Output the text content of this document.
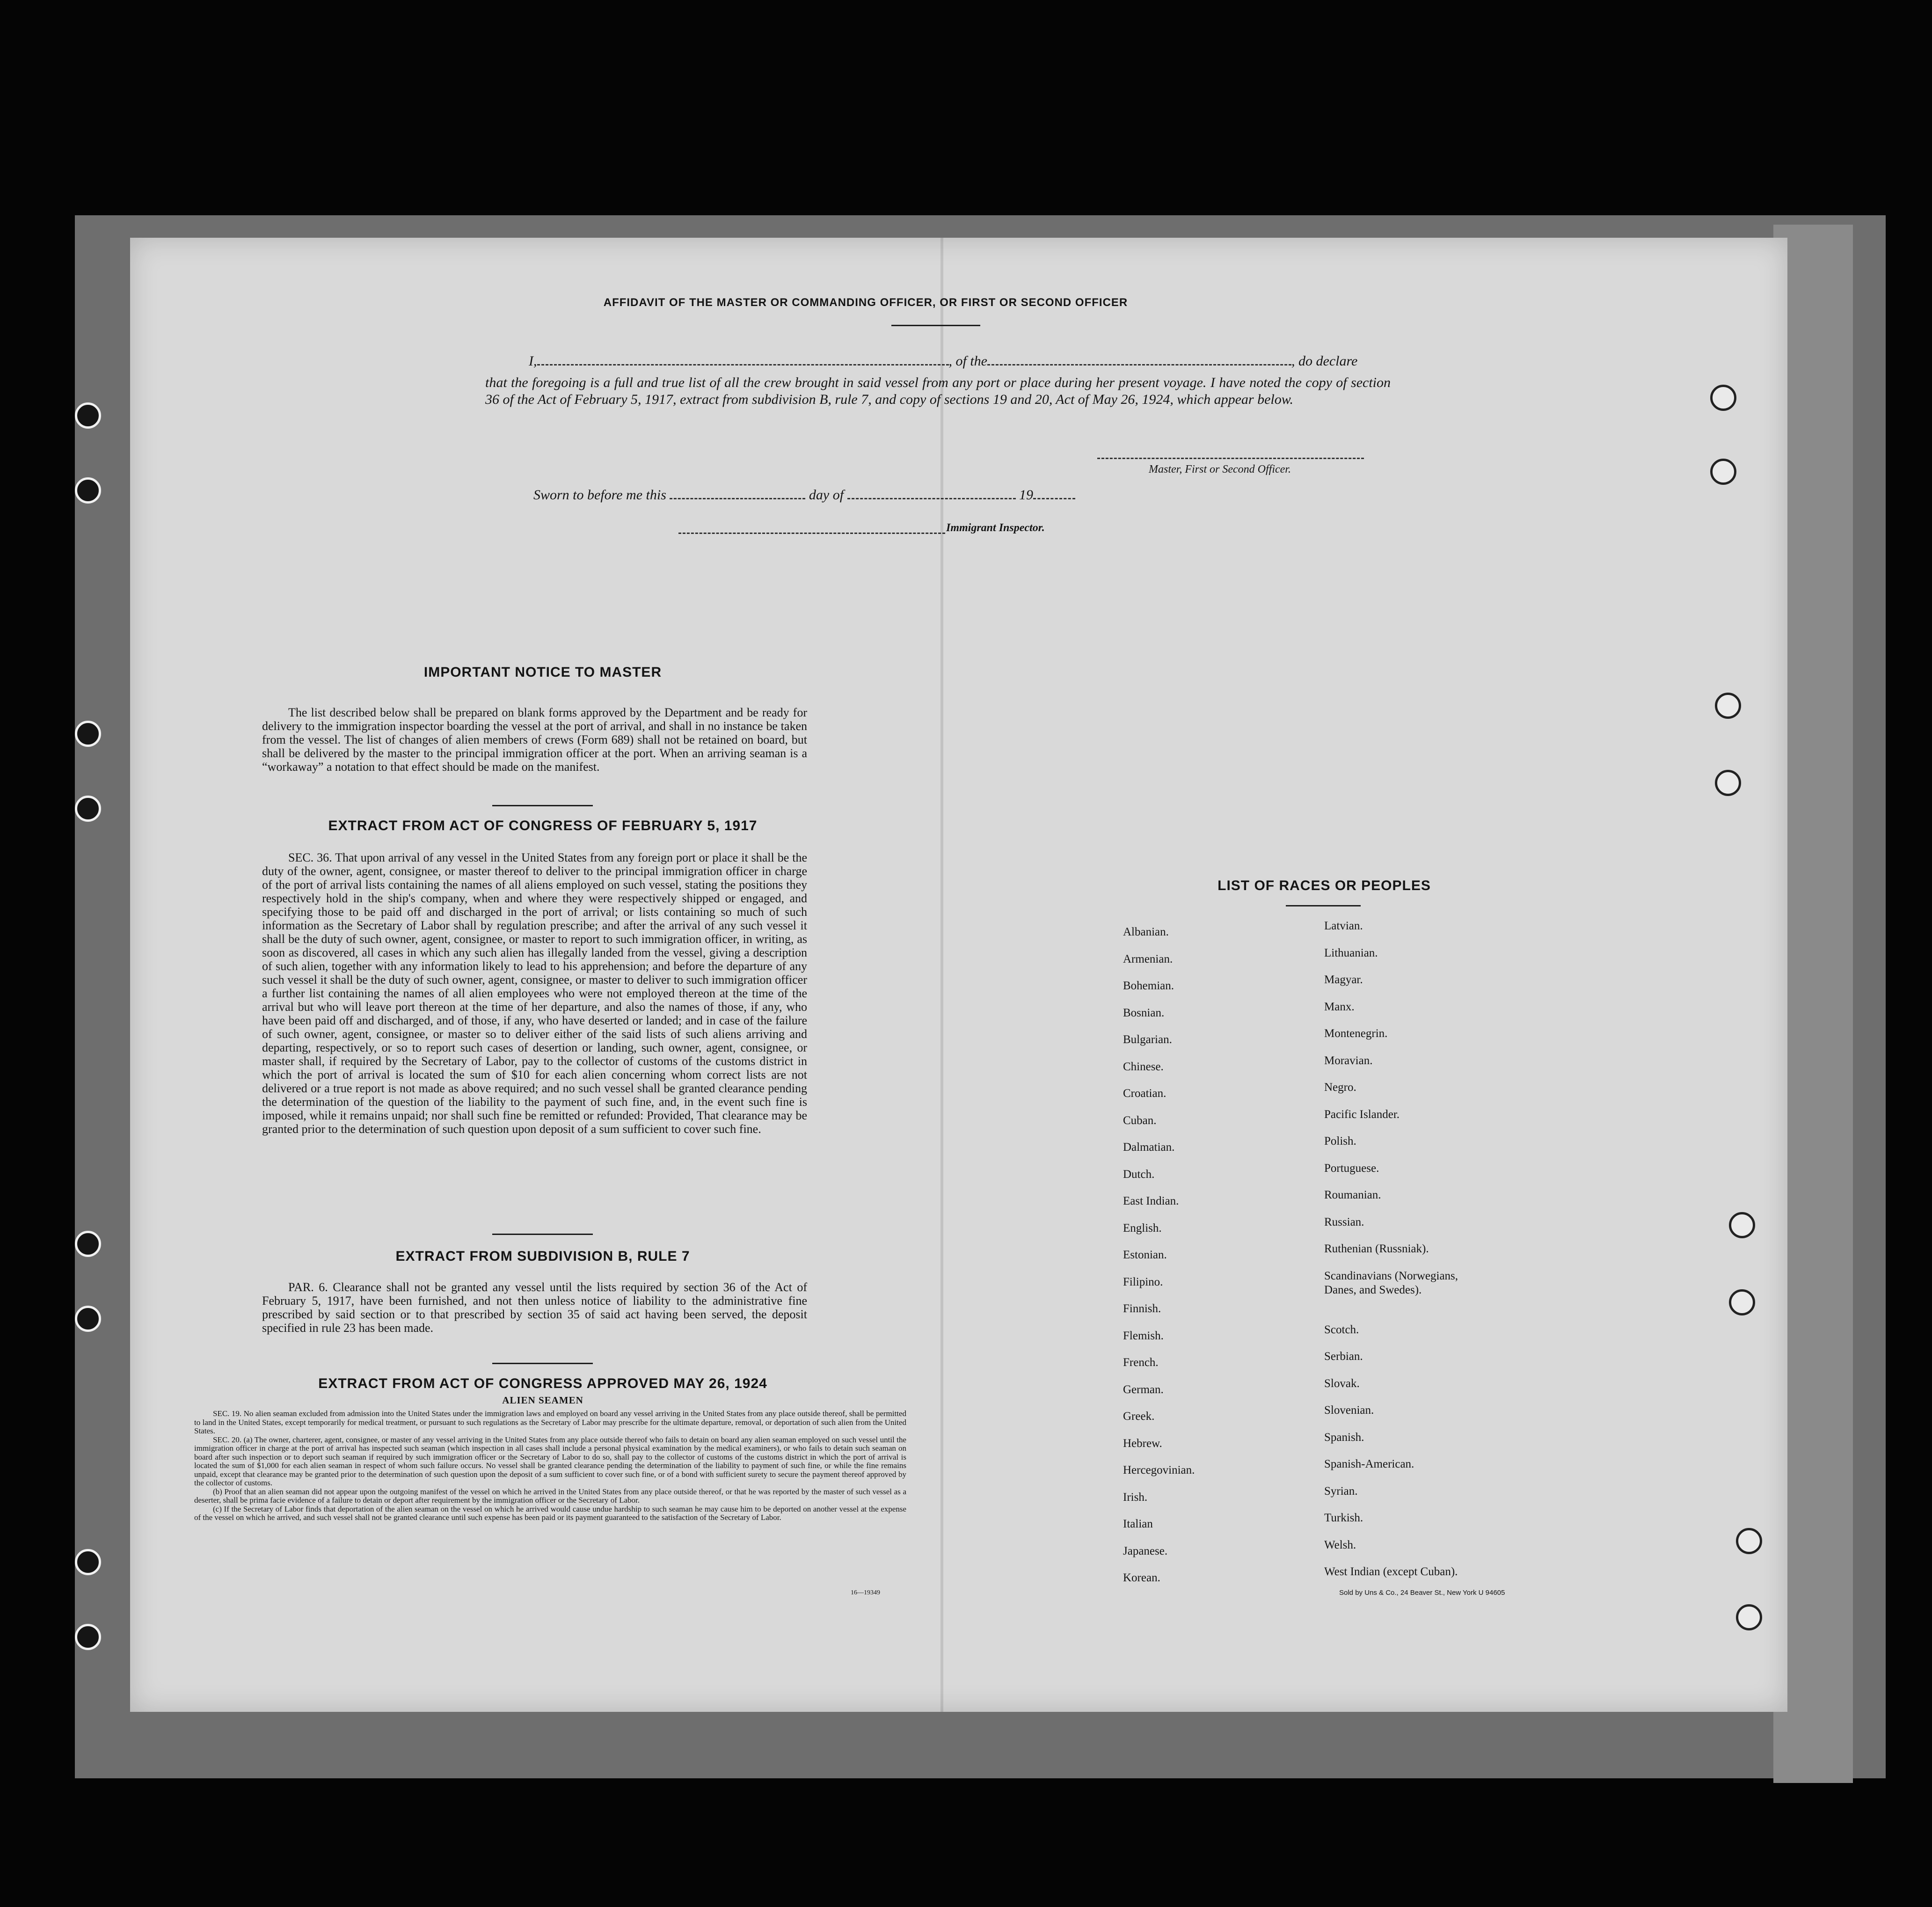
AFFIDAVIT OF THE MASTER OR COMMANDING OFFICER, OR FIRST OR SECOND OFFICER
I,	, of the	, do declare
that the foregoing is a full and true list of all the crew brought in said vessel from any port or place during her present voyage. I have noted the copy of section 36 of the Act of February 5, 1917, extract from subdivision B, rule 7, and copy of sections 19 and 20, Act of May 26, 1924, which appear below.
Master, First or Second Officer.
Sworn to before me this	day of	19
Immigrant Inspector.
IMPORTANT NOTICE TO MASTER
The list described below shall be prepared on blank forms approved by the Department and be ready for delivery to the immigration inspector boarding the vessel at the port of arrival, and shall in no instance be taken from the vessel. The list of changes of alien members of crews (Form 689) shall not be retained on board, but shall be delivered by the master to the principal immigration officer at the port. When an arriving seaman is a “workaway” a notation to that effect should be made on the manifest.
EXTRACT FROM ACT OF CONGRESS OF FEBRUARY 5, 1917
SEC. 36. That upon arrival of any vessel in the United States from any foreign port or place it shall be the duty of the owner, agent, consignee, or master thereof to deliver to the principal immigration officer in charge of the port of arrival lists containing the names of all aliens employed on such vessel, stating the positions they respectively hold in the ship's company, when and where they were respectively shipped or engaged, and specifying those to be paid off and discharged in the port of arrival; or lists containing so much of such information as the Secretary of Labor shall by regulation prescribe; and after the arrival of any such vessel it shall be the duty of such owner, agent, consignee, or master to report to such immigration officer, in writing, as soon as discovered, all cases in which any such alien has illegally landed from the vessel, giving a description of such alien, together with any information likely to lead to his apprehension; and before the departure of any such vessel it shall be the duty of such owner, agent, consignee, or master to deliver to such immigration officer a further list containing the names of all alien employees who were not employed thereon at the time of the arrival but who will leave port thereon at the time of her departure, and also the names of those, if any, who have been paid off and discharged, and of those, if any, who have deserted or landed; and in case of the failure of such owner, agent, consignee, or master so to deliver either of the said lists of such aliens arriving and departing, respectively, or so to report such cases of desertion or landing, such owner, agent, consignee, or master shall, if required by the Secretary of Labor, pay to the collector of customs of the customs district in which the port of arrival is located the sum of $10 for each alien concerning whom correct lists are not delivered or a true report is not made as above required; and no such vessel shall be granted clearance pending the determination of the question of the liability to the payment of such fine, and, in the event such fine is imposed, while it remains unpaid; nor shall such fine be remitted or refunded: Provided, That clearance may be granted prior to the determination of such question upon deposit of a sum sufficient to cover such fine.
EXTRACT FROM SUBDIVISION B, RULE 7
PAR. 6. Clearance shall not be granted any vessel until the lists required by section 36 of the Act of February 5, 1917, have been furnished, and not then unless notice of liability to the administrative fine prescribed by said section or to that prescribed by section 35 of said act having been served, the deposit specified in rule 23 has been made.
EXTRACT FROM ACT OF CONGRESS APPROVED MAY 26, 1924
ALIEN SEAMEN
SEC. 19. No alien seaman excluded from admission into the United States under the immigration laws and employed on board any vessel arriving in the United States from any place outside thereof, shall be permitted to land in the United States, except temporarily for medical treatment, or pursuant to such regulations as the Secretary of Labor may prescribe for the ultimate departure, removal, or deportation of such alien from the United States.
SEC. 20. (a) The owner, charterer, agent, consignee, or master of any vessel arriving in the United States from any place outside thereof who fails to detain on board any alien seaman employed on such vessel until the immigration officer in charge at the port of arrival has inspected such seaman (which inspection in all cases shall include a personal physical examination by the medical examiners), or who fails to detain such seaman on board after such inspection or to deport such seaman if required by such immigration officer or the Secretary of Labor to do so, shall pay to the collector of customs of the customs district in which the port of arrival is located the sum of $1,000 for each alien seaman in respect of whom such failure occurs. No vessel shall be granted clearance pending the determination of the liability to payment of such fine, or while the fine remains unpaid, except that clearance may be granted prior to the determination of such question upon the deposit of a sum sufficient to cover such fine, or of a bond with sufficient surety to secure the payment thereof approved by the collector of customs.
(b) Proof that an alien seaman did not appear upon the outgoing manifest of the vessel on which he arrived in the United States from any place outside thereof, or that he was reported by the master of such vessel as a deserter, shall be prima facie evidence of a failure to detain or deport after requirement by the immigration officer or the Secretary of Labor.
(c) If the Secretary of Labor finds that deportation of the alien seaman on the vessel on which he arrived would cause undue hardship to such seaman he may cause him to be deported on another vessel at the expense of the vessel on which he arrived, and such vessel shall not be granted clearance until such expense has been paid or its payment guaranteed to the satisfaction of the Secretary of Labor.
16—19349
LIST OF RACES OR PEOPLES
Albanian.
Armenian.
Bohemian.
Bosnian.
Bulgarian.
Chinese.
Croatian.
Cuban.
Dalmatian.
Dutch.
East Indian.
English.
Estonian.
Filipino.
Finnish.
Flemish.
French.
German.
Greek.
Hebrew.
Hercegovinian.
Irish.
Italian
Japanese.
Korean.
Latvian.
Lithuanian.
Magyar.
Manx.
Montenegrin.
Moravian.
Negro.
Pacific Islander.
Polish.
Portuguese.
Roumanian.
Russian.
Ruthenian (Russniak).
Scandinavians (Norwegians,
Danes, and Swedes).
Scotch.
Serbian.
Slovak.
Slovenian.
Spanish.
Spanish-American.
Syrian.
Turkish.
Welsh.
West Indian (except Cuban).
Sold by Uns & Co., 24 Beaver St., New York U 94605
